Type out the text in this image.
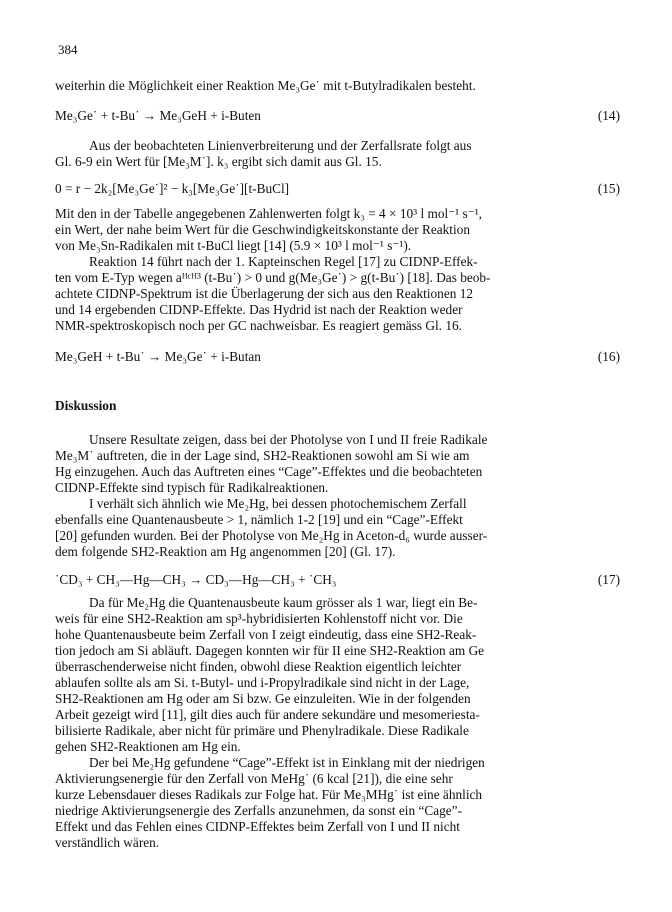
384
weiterhin die Möglichkeit einer Reaktion Me₃Ge˙ mit t-Butylradikalen besteht.
Me₃Ge˙ + t-Bu˙ → Me₃GeH + i-Buten	(14)
Aus der beobachteten Linienverbreiterung und der Zerfallsrate folgt aus
Gl. 6-9 ein Wert für [Me₃M˙]. k₃ ergibt sich damit aus Gl. 15.
0 = r − 2k₂[Me₃Ge˙]² − k₃[Me₃Ge˙][t-BuCl]	(15)
Mit den in der Tabelle angegebenen Zahlenwerten folgt k₃ = 4 × 10³ l mol⁻¹ s⁻¹,
ein Wert, der nahe beim Wert für die Geschwindigkeitskonstante der Reaktion
von Me₃Sn-Radikalen mit t-BuCl liegt [14] (5.9 × 10³ l mol⁻¹ s⁻¹).
Reaktion 14 führt nach der 1. Kapteinschen Regel [17] zu CIDNP-Effek-
ten vom E-Typ wegen aᴴᶜᴴ³ (t-Bu˙) > 0 und g(Me₃Ge˙) > g(t-Bu˙) [18]. Das beob-
achtete CIDNP-Spektrum ist die Überlagerung der sich aus den Reaktionen 12
und 14 ergebenden CIDNP-Effekte. Das Hydrid ist nach der Reaktion weder
NMR-spektroskopisch noch per GC nachweisbar. Es reagiert gemäss Gl. 16.
Me₃GeH + t-Bu˙ → Me₃Ge˙ + i-Butan	(16)
Diskussion
Unsere Resultate zeigen, dass bei der Photolyse von I und II freie Radikale
Me₃M˙ auftreten, die in der Lage sind, SH2-Reaktionen sowohl am Si wie am
Hg einzugehen. Auch das Auftreten eines “Cage”-Effektes und die beobachteten
CIDNP-Effekte sind typisch für Radikalreaktionen.
I verhält sich ähnlich wie Me₂Hg, bei dessen photochemischem Zerfall
ebenfalls eine Quantenausbeute > 1, nämlich 1-2 [19] und ein “Cage”-Effekt
[20] gefunden wurden. Bei der Photolyse von Me₂Hg in Aceton-d₆ wurde ausser-
dem folgende SH2-Reaktion am Hg angenommen [20] (Gl. 17).
˙CD₃ + CH₃—Hg—CH₃ → CD₃—Hg—CH₃ + ˙CH₃	(17)
Da für Me₂Hg die Quantenausbeute kaum grösser als 1 war, liegt ein Be-
weis für eine SH2-Reaktion am sp³-hybridisierten Kohlenstoff nicht vor. Die
hohe Quantenausbeute beim Zerfall von I zeigt eindeutig, dass eine SH2-Reak-
tion jedoch am Si abläuft. Dagegen konnten wir für II eine SH2-Reaktion am Ge
überraschenderweise nicht finden, obwohl diese Reaktion eigentlich leichter
ablaufen sollte als am Si. t-Butyl- und i-Propylradikale sind nicht in der Lage,
SH2-Reaktionen am Hg oder am Si bzw. Ge einzuleiten. Wie in der folgenden
Arbeit gezeigt wird [11], gilt dies auch für andere sekundäre und mesomeriesta-
bilisierte Radikale, aber nicht für primäre und Phenylradikale. Diese Radikale
gehen SH2-Reaktionen am Hg ein.
Der bei Me₂Hg gefundene “Cage”-Effekt ist in Einklang mit der niedrigen
Aktivierungsenergie für den Zerfall von MeHg˙ (6 kcal [21]), die eine sehr
kurze Lebensdauer dieses Radikals zur Folge hat. Für Me₃MHg˙ ist eine ähnlich
niedrige Aktivierungsenergie des Zerfalls anzunehmen, da sonst ein “Cage”-
Effekt und das Fehlen eines CIDNP-Effektes beim Zerfall von I und II nicht
verständlich wären.
